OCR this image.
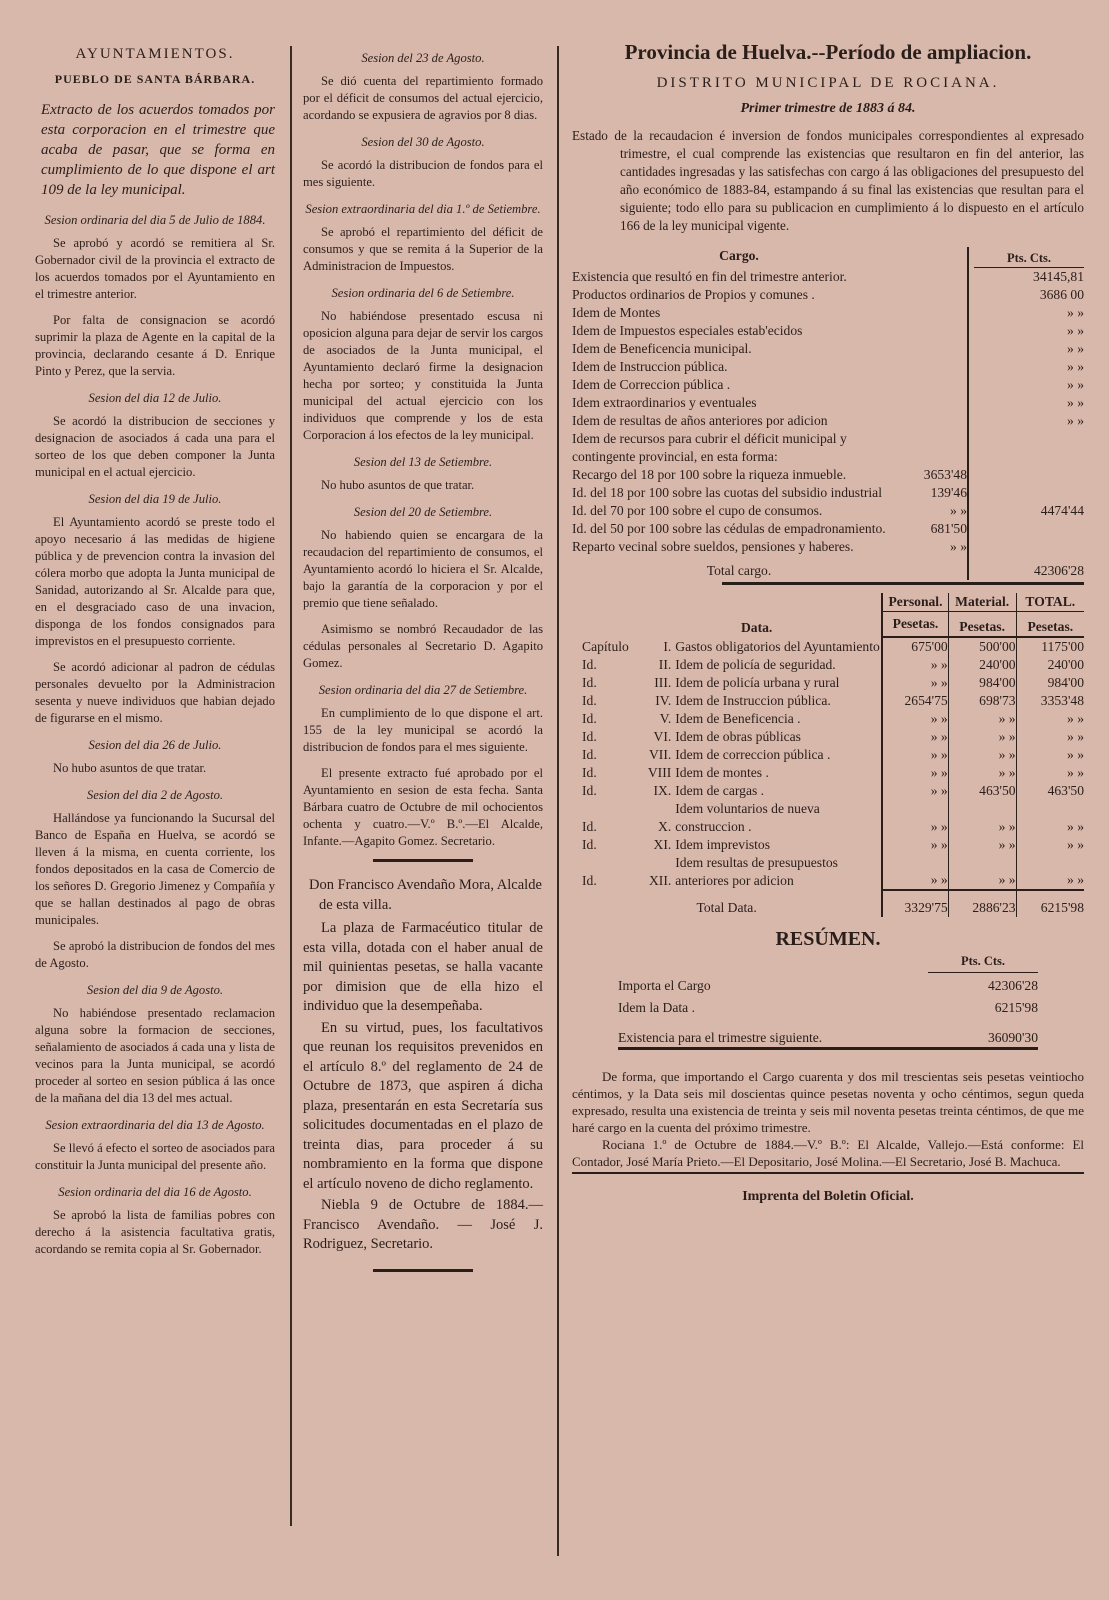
AYUNTAMIENTOS.
PUEBLO DE SANTA BÁRBARA.
Extracto de los acuerdos tomados por esta corporacion en el trimestre que acaba de pasar, que se forma en cumplimiento de lo que dispone el art 109 de la ley municipal.
Sesion ordinaria del dia 5 de Julio de 1884.

Se aprobó y acordó se remitiera al Sr. Gobernador civil de la provincia el extracto de los acuerdos tomados por el Ayuntamiento en el trimestre anterior.

Por falta de consignacion se acordó suprimir la plaza de Agente en la capital de la provincia, declarando cesante á D. Enrique Pinto y Perez, que la servia.

Sesion del dia 12 de Julio.

Se acordó la distribucion de secciones y designacion de asociados á cada una para el sorteo de los que deben componer la Junta municipal en el actual ejercicio.

Sesion del dia 19 de Julio.

El Ayuntamiento acordó se preste todo el apoyo necesario á las medidas de higiene pública y de prevencion contra la invasion del cólera morbo que adopta la Junta municipal de Sanidad, autorizando al Sr. Alcalde para que, en el desgraciado caso de una invacion, disponga de los fondos consignados para imprevistos en el presupuesto corriente.

Se acordó adicionar al padron de cédulas personales devuelto por la Administracion sesenta y nueve individuos que habian dejado de figurarse en el mismo.

Sesion del dia 26 de Julio.

No hubo asuntos de que tratar.

Sesion del dia 2 de Agosto.

Hallándose ya funcionando la Sucursal del Banco de España en Huelva, se acordó se lleven á la misma, en cuenta corriente, los fondos depositados en la casa de Comercio de los señores D. Gregorio Jimenez y Compañía y que se hallan destinados al pago de obras municipales.

Se aprobó la distribucion de fondos del mes de Agosto.

Sesion del dia 9 de Agosto.

No habiéndose presentado reclamacion alguna sobre la formacion de secciones, señalamiento de asociados á cada una y lista de vecinos para la Junta municipal, se acordó proceder al sorteo en sesion pública á las once de la mañana del dia 13 del mes actual.

Sesion extraordinaria del dia 13 de Agosto.

Se llevó á efecto el sorteo de asociados para constituir la Junta municipal del presente año.

Sesion ordinaria del dia 16 de Agosto.

Se aprobó la lista de familias pobres con derecho á la asistencia facultativa gratis, acordando se remita copia al Sr. Gobernador.

Sesion del 23 de Agosto.

Se dió cuenta del repartimiento formado por el déficit de consumos del actual ejercicio, acordando se expusiera de agravios por 8 dias.

Sesion del 30 de Agosto.

Se acordó la distribucion de fondos para el mes siguiente.

Sesion extraordinaria del dia 1.º de Setiembre.

Se aprobó el repartimiento del déficit de consumos y que se remita á la Superior de la Administracion de Impuestos.

Sesion ordinaria del 6 de Setiembre.

No habiéndose presentado escusa ni oposicion alguna para dejar de servir los cargos de asociados de la Junta municipal, el Ayuntamiento declaró firme la designacion hecha por sorteo; y constituida la Junta municipal del actual ejercicio con los individuos que comprende y los de esta Corporacion á los efectos de la ley municipal.

Sesion del 13 de Setiembre.

No hubo asuntos de que tratar.

Sesion del 20 de Setiembre.

No habiendo quien se encargara de la recaudacion del repartimiento de consumos, el Ayuntamiento acordó lo hiciera el Sr. Alcalde, bajo la garantía de la corporacion y por el premio que tiene señalado.

Asimismo se nombró Recaudador de las cédulas personales al Secretario D. Agapito Gomez.

Sesion ordinaria del dia 27 de Setiembre.

En cumplimiento de lo que dispone el art. 155 de la ley municipal se acordó la distribucion de fondos para el mes siguiente.

El presente extracto fué aprobado por el Ayuntamiento en sesion de esta fecha. Santa Bárbara cuatro de Octubre de mil ochocientos ochenta y cuatro.—V.º B.º.—El Alcalde, Infante.—Agapito Gomez. Secretario.

Don Francisco Avendaño Mora, Alcalde de esta villa.

La plaza de Farmacéutico titular de esta villa, dotada con el haber anual de mil quinientas pesetas, se halla vacante por dimision que de ella hizo el individuo que la desempeñaba.

En su virtud, pues, los facultativos que reunan los requisitos prevenidos en el artículo 8.º del reglamento de 24 de Octubre de 1873, que aspiren á dicha plaza, presentarán en esta Secretaría sus solicitudes documentadas en el plazo de treinta dias, para proceder á su nombramiento en la forma que dispone el artículo noveno de dicho reglamento.

Niebla 9 de Octubre de 1884.—Francisco Avendaño. — José J. Rodriguez, Secretario.

Provincia de Huelva.--Período de ampliacion.
DISTRITO MUNICIPAL DE ROCIANA.
Primer trimestre de 1883 á 84.
Estado de la recaudacion é inversion de fondos municipales correspondientes al expresado trimestre, el cual comprende las existencias que resultaron en fin del anterior, las cantidades ingresadas y las satisfechas con cargo á las obligaciones del presupuesto del año económico de 1883-84, estampando á su final las existencias que resultan para el siguiente; todo ello para su publicacion en cumplimiento á lo dispuesto en el artículo 166 de la ley municipal vigente.
Cargo.			Pts. Cts.
Existencia que resultó en fin del trimestre anterior.			34145,81
Productos ordinarios de Propios y comunes .			3686 00
Idem de Montes			» »
Idem de Impuestos especiales estab'ecidos			» »
Idem de Beneficencia municipal.			» »
Idem de Instruccion pública.			» »
Idem de Correccion pública .			» »
Idem extraordinarios y eventuales			» »
Idem de resultas de años anteriores por adicion			» »
Idem de recursos para cubrir el déficit municipal y contingente provincial, en esta forma:			
Recargo del 18 por 100 sobre la riqueza inmueble.	3653'48		
Id. del 18 por 100 sobre las cuotas del subsidio industrial	139'46		
Id. del 70 por 100 sobre el cupo de consumos.	» »		4474'44
Id. del 50 por 100 sobre las cédulas de empadronamiento.	681'50		
Reparto vecinal sobre sueldos, pensiones y haberes.	» »		
Total cargo.			42306'28
Data.			Personal.	Material.	TOTAL.
			Pesetas.	Pesetas.	Pesetas.
Capítulo	I.	Gastos obligatorios del Ayuntamiento	675'00	500'00	1175'00
Id.	II.	Idem de policía de seguridad.	» »	240'00	240'00
Id.	III.	Idem de policía urbana y rural	» »	984'00	984'00
Id.	IV.	Idem de Instruccion pública.	2654'75	698'73	3353'48
Id.	V.	Idem de Beneficencia .	» »	» »	» »
Id.	VI.	Idem de obras públicas	» »	» »	» »
Id.	VII.	Idem de correccion pública .	» »	» »	» »
Id.	VIII	Idem de montes .	» »	» »	» »
Id.	IX.	Idem de cargas .	» »	463'50	463'50
Id.	X.	Idem voluntarios de nueva construccion .	» »	» »	» »
Id.	XI.	Idem imprevistos	» »	» »	» »
Id.	XII.	Idem resultas de presupuestos anteriores por adicion	» »	» »	» »
Total Data.			3329'75	2886'23	6215'98
RESÚMEN.
	Pts. Cts.
Importa el Cargo	42306'28
Idem la Data .	6215'98
Existencia para el trimestre siguiente.	36090'30
De forma, que importando el Cargo cuarenta y dos mil trescientas seis pesetas veintiocho céntimos, y la Data seis mil doscientas quince pesetas noventa y ocho céntimos, segun queda expresado, resulta una existencia de treinta y seis mil noventa pesetas treinta céntimos, de que me haré cargo en la cuenta del próximo trimestre.
Rociana 1.º de Octubre de 1884.—V.º B.º: El Alcalde, Vallejo.—Está conforme: El Contador, José María Prieto.—El Depositario, José Molina.—El Secretario, José B. Machuca.
Imprenta del Boletin Oficial.
